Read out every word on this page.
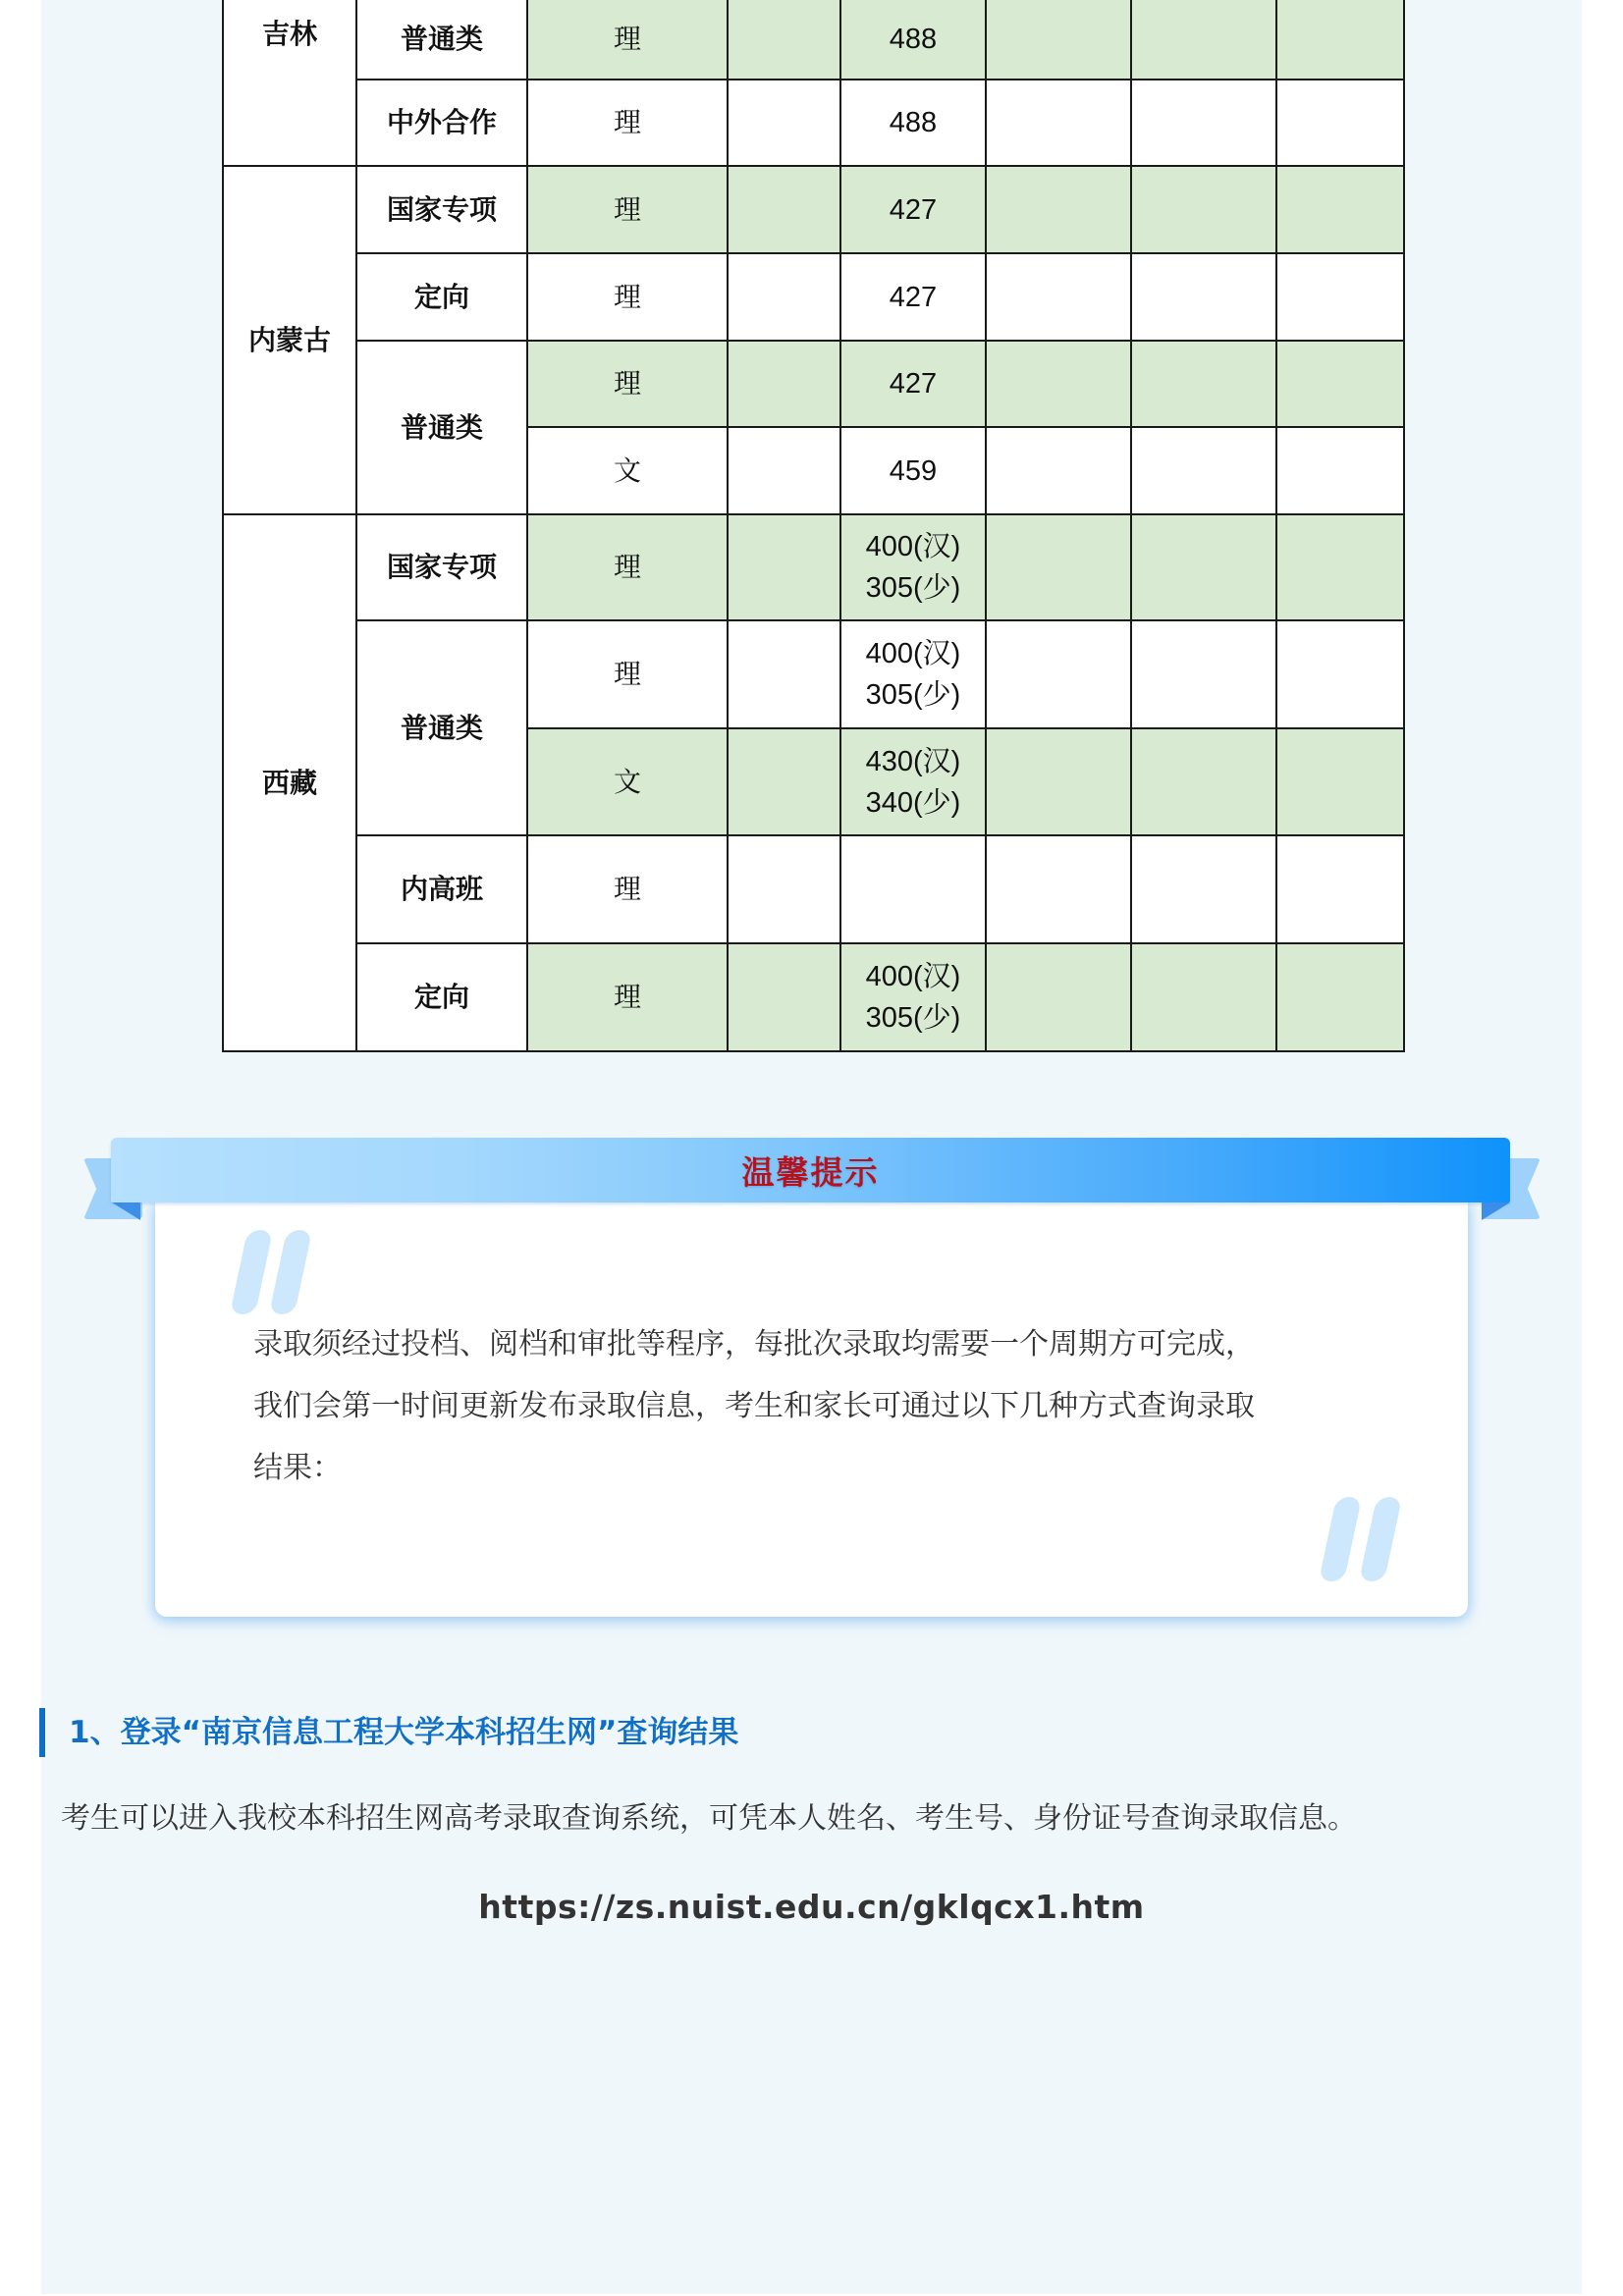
吉林	普通类	理		488			
	中外合作	理		488			
内蒙古	国家专项	理		427			
	定向	理		427			
	普通类	理		427			
		文		459			
西藏	国家专项	理		400(汉)
305(少)			

	普通类	理		400(汉)
305(少)			

		文		430(汉)
340(少)			

	内高班	理					
	定向	理		400(汉)
305(少)			

温馨提示

录取须经过投档、阅档和审批等程序，每批次录取均需要一个周期方可完成，

我们会第一时间更新发布录取信息，考生和家长可通过以下几种方式查询录取

结果：

1、登录“南京信息工程大学本科招生网”查询结果
考生可以进入我校本科招生网高考录取查询系统，可凭本人姓名、考生号、身份证号查询录取信息。
https://zs.nuist.edu.cn/gklqcx1.htm
